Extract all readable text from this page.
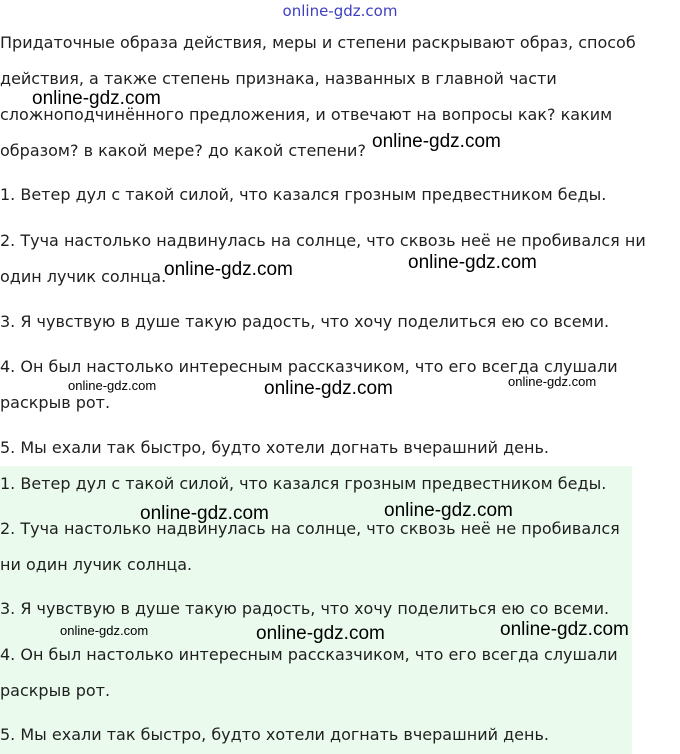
online-gdz.com

Придаточные образа действия, меры и степени раскрывают образ, способ действия, а также степень признака, названных в главной части сложноподчинённого предложения, и отвечают на вопросы как? каким образом? в какой мере? до какой степени?

1. Ветер дул с такой силой, что казался грозным предвестником беды.

2. Туча настолько надвинулась на солнце, что сквозь неё не пробивался ни один лучик солнца.

3. Я чувствую в душе такую радость, что хочу поделиться ею со всеми.

4. Он был настолько интересным рассказчиком, что его всегда слушали раскрыв рот.

5. Мы ехали так быстро, будто хотели догнать вчерашний день.

1. Ветер дул с такой силой, что казался грозным предвестником беды.

2. Туча настолько надвинулась на солнце, что сквозь неё не пробивался ни один лучик солнца.

3. Я чувствую в душе такую радость, что хочу поделиться ею со всеми.

4. Он был настолько интересным рассказчиком, что его всегда слушали раскрыв рот.

5. Мы ехали так быстро, будто хотели догнать вчерашний день.

online-gdz.com
online-gdz.com
online-gdz.com	online-gdz.com
online-gdz.com	online-gdz.com	online-gdz.com
online-gdz.com	online-gdz.com
online-gdz.com	online-gdz.com	online-gdz.com
